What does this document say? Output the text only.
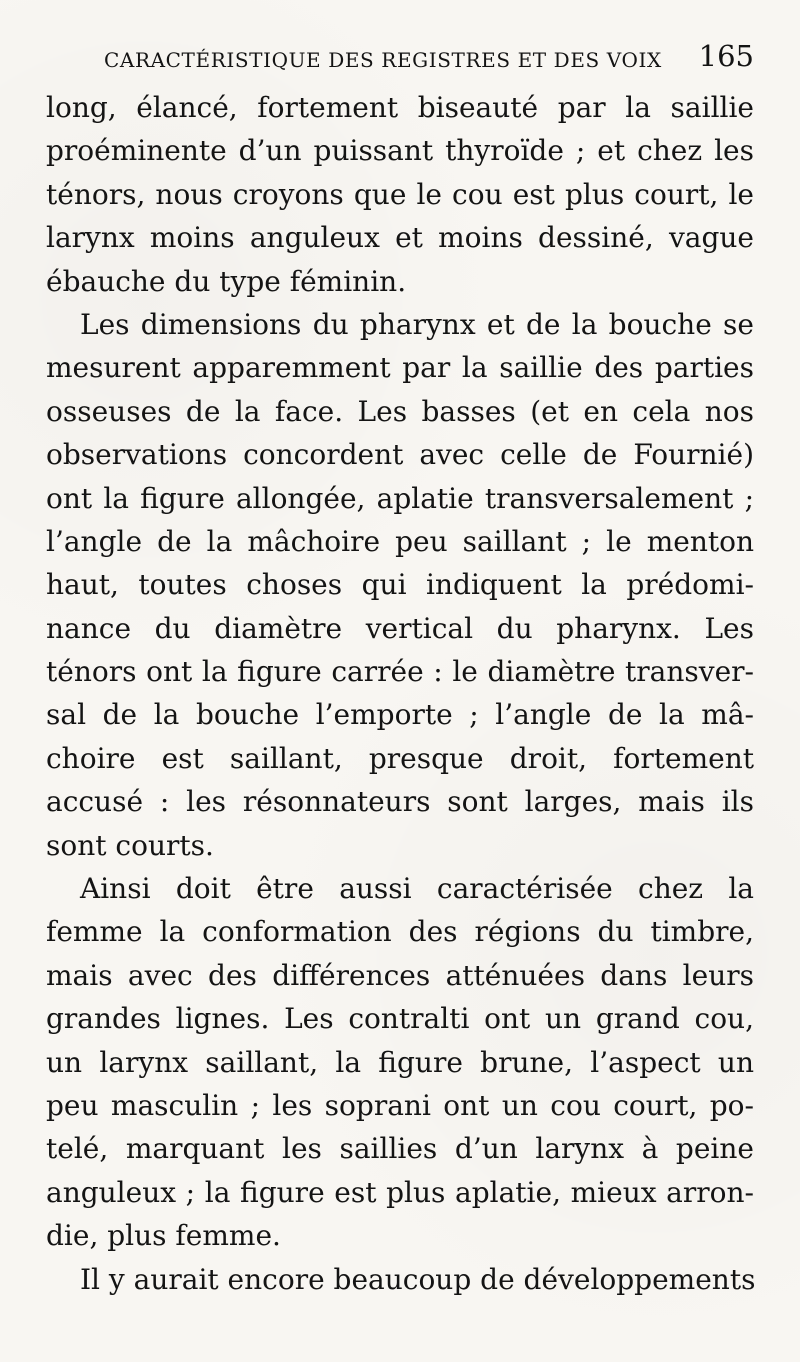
CARACTÉRISTIQUE DES REGISTRES ET DES VOIX 165
long, élancé, fortement biseauté par la saillie
proéminente d’un puissant thyroïde ; et chez les
ténors, nous croyons que le cou est plus court, le
larynx moins anguleux et moins dessiné, vague
ébauche du type féminin.
Les dimensions du pharynx et de la bouche se
mesurent apparemment par la saillie des parties
osseuses de la face. Les basses (et en cela nos
observations concordent avec celle de Fournié)
ont la figure allongée, aplatie transversalement ;
l’angle de la mâchoire peu saillant ; le menton
haut, toutes choses qui indiquent la prédomi-
nance du diamètre vertical du pharynx. Les
ténors ont la figure carrée : le diamètre transver-
sal de la bouche l’emporte ; l’angle de la mâ-
choire est saillant, presque droit, fortement
accusé : les résonnateurs sont larges, mais ils
sont courts.
Ainsi doit être aussi caractérisée chez la
femme la conformation des régions du timbre,
mais avec des différences atténuées dans leurs
grandes lignes. Les contralti ont un grand cou,
un larynx saillant, la figure brune, l’aspect un
peu masculin ; les soprani ont un cou court, po-
telé, marquant les saillies d’un larynx à peine
anguleux ; la figure est plus aplatie, mieux arron-
die, plus femme.
Il y aurait encore beaucoup de développements
